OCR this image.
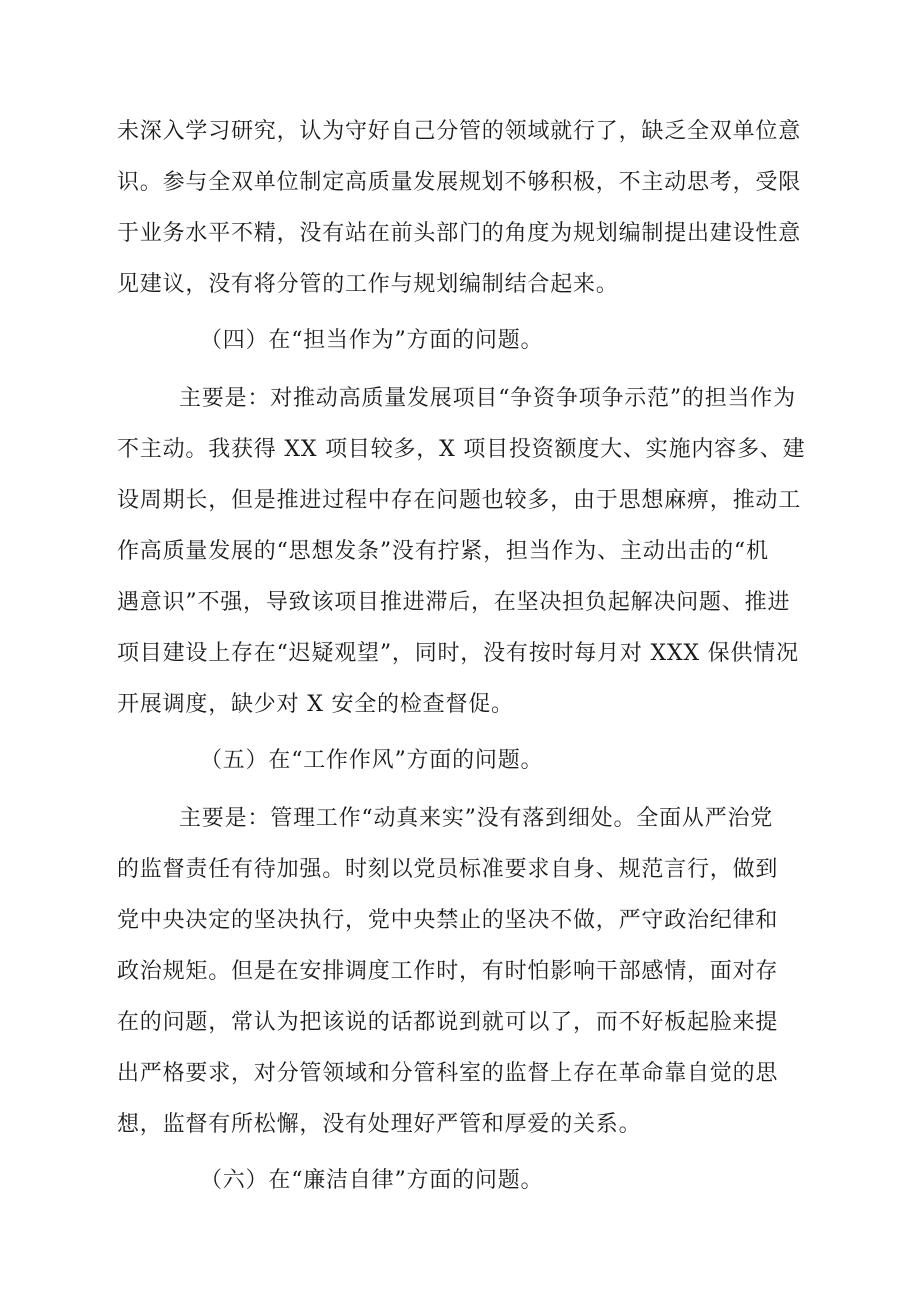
未深入学习研究，认为守好自己分管的领域就行了，缺乏全双单位意
识。参与全双单位制定高质量发展规划不够积极，不主动思考，受限
于业务水平不精，没有站在前头部门的角度为规划编制提出建设性意
见建议，没有将分管的工作与规划编制结合起来。
（四）在“担当作为”方面的问题。
主要是：对推动高质量发展项目“争资争项争示范”的担当作为
不主动。我获得 XX 项目较多，X 项目投资额度大、实施内容多、建
设周期长，但是推进过程中存在问题也较多，由于思想麻痹，推动工
作高质量发展的“思想发条”没有拧紧，担当作为、主动出击的“机
遇意识”不强，导致该项目推进滞后，在坚决担负起解决问题、推进
项目建设上存在“迟疑观望”，同时，没有按时每月对 XXX 保供情况
开展调度，缺少对 X 安全的检查督促。
（五）在“工作作风”方面的问题。
主要是：管理工作“动真来实”没有落到细处。全面从严治党
的监督责任有待加强。时刻以党员标准要求自身、规范言行，做到
党中央决定的坚决执行，党中央禁止的坚决不做，严守政治纪律和
政治规矩。但是在安排调度工作时，有时怕影响干部感情，面对存
在的问题，常认为把该说的话都说到就可以了，而不好板起脸来提
出严格要求，对分管领域和分管科室的监督上存在革命靠自觉的思
想，监督有所松懈，没有处理好严管和厚爱的关系。
（六）在“廉洁自律”方面的问题。
